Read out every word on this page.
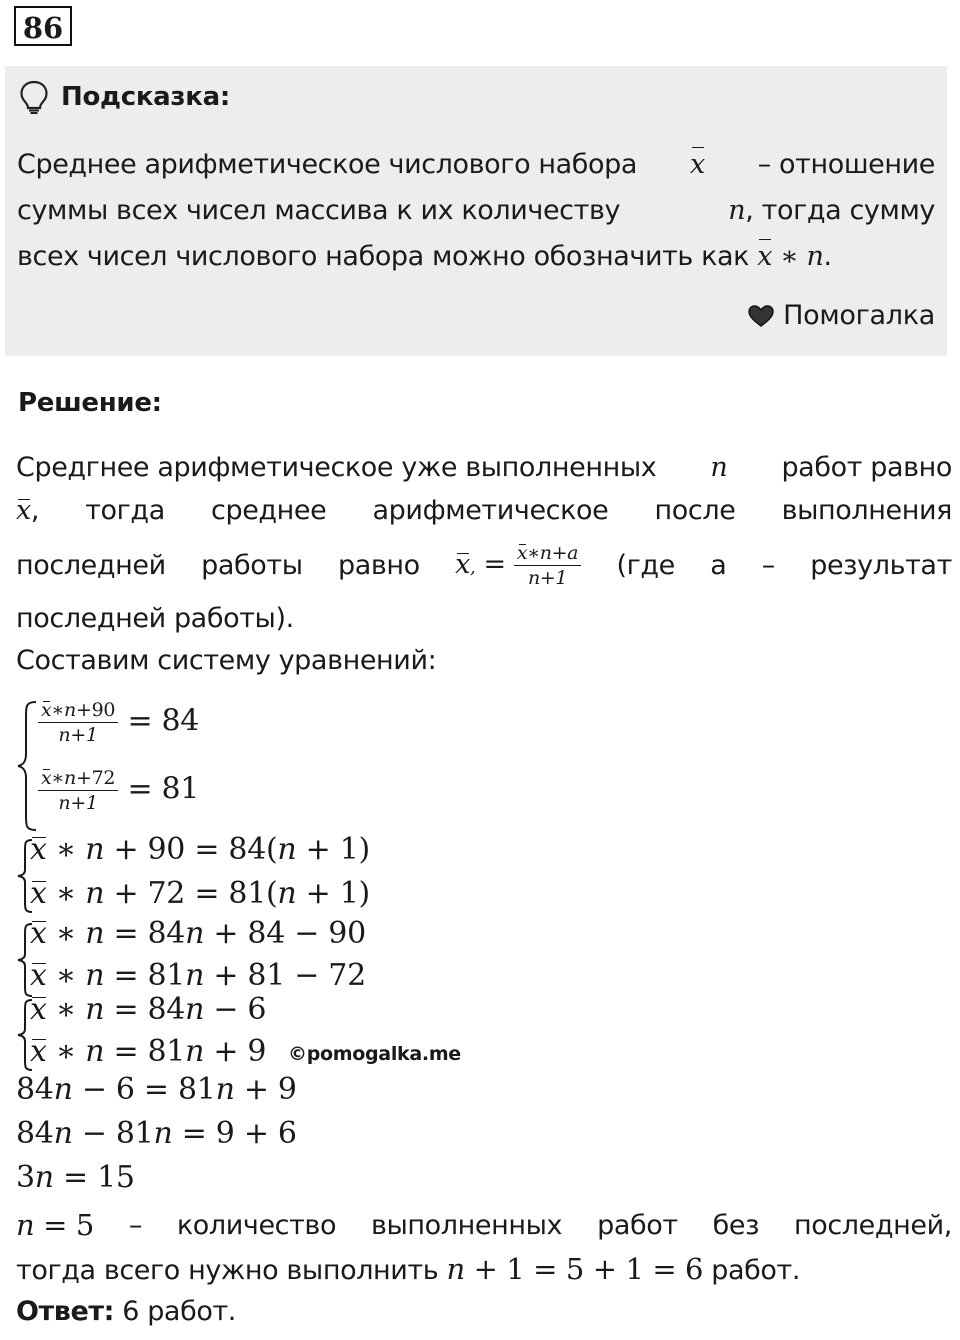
86
Подсказка:
Среднее арифметическое числового набора 𝑥 – отношение
суммы всех чисел массива к их количеству	𝑛, тогда сумму
всех чисел числового набора можно обозначить как 𝑥 ∗ 𝑛.
Помогалка
Решение:
Средгнее арифметическое уже выполненных 𝑛 работ равно
𝑥, тогда среднее арифметическое после выполнения
последней работы равно 𝑥, = $\frac{\text{𝑥∗𝑛+𝑎}}{\text{𝑛+1}} (где$ а – результат
последней работы).
Составим систему уравнений:
$\frac{\text{𝑥∗𝑛+90}}{n+1} = 84$
$\frac{\text{𝑥∗𝑛+72}}{n+1} = 81$
𝑥 ∗ 𝑛 + 90 = 84(𝑛 + 1)
𝑥 ∗ 𝑛 + 72 = 81(𝑛 + 1)
𝑥 ∗ 𝑛 = 84𝑛 + 84 − 90
𝑥 ∗ 𝑛 = 81𝑛 + 81 − 72
𝑥 ∗ 𝑛 = 84𝑛 − 6
𝑥 ∗ 𝑛 = 81𝑛 + 9 ©pomogalka.me
84𝑛 − 6 = 81𝑛 + 9
84𝑛 − 81𝑛 = 9 + 6
3𝑛 = 15
𝑛 = 5 – количество выполненных работ без последней,
тогда всего нужно выполнить 𝑛 + 1 = 5 + 1 = 6 работ.
Ответ: 6 работ.
